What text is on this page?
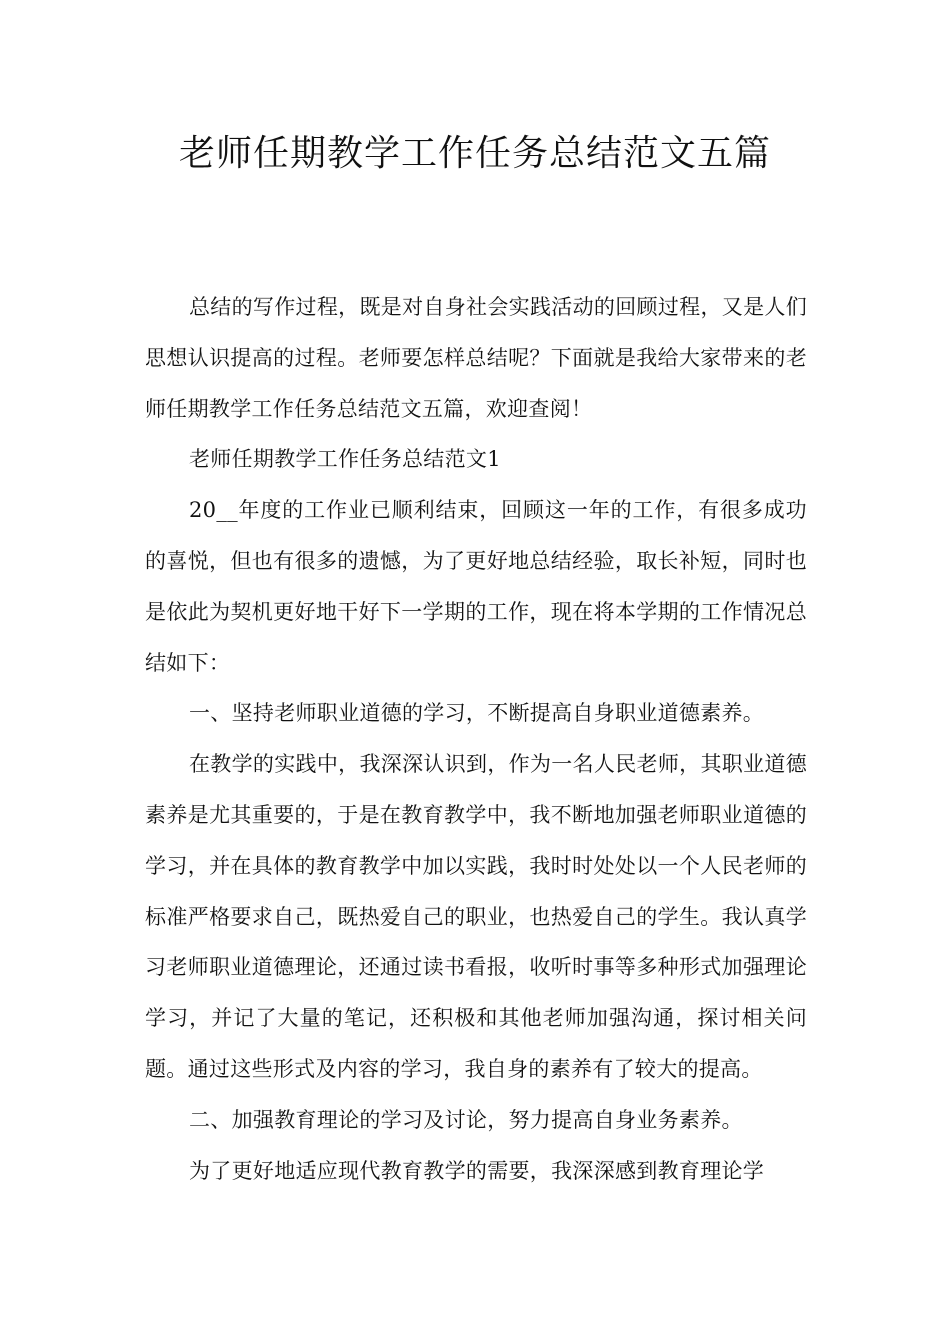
老师任期教学工作任务总结范文五篇

总结的写作过程，既是对自身社会实践活动的回顾过程，又是人们思想认识提高的过程。老师要怎样总结呢？下面就是我给大家带来的老师任期教学工作任务总结范文五篇，欢迎查阅！

老师任期教学工作任务总结范文1

20__年度的工作业已顺利结束，回顾这一年的工作，有很多成功的喜悦，但也有很多的遗憾，为了更好地总结经验，取长补短，同时也是依此为契机更好地干好下一学期的工作，现在将本学期的工作情况总结如下：

一、坚持老师职业道德的学习，不断提高自身职业道德素养。

在教学的实践中，我深深认识到，作为一名人民老师，其职业道德素养是尤其重要的，于是在教育教学中，我不断地加强老师职业道德的学习，并在具体的教育教学中加以实践，我时时处处以一个人民老师的标准严格要求自己，既热爱自己的职业，也热爱自己的学生。我认真学习老师职业道德理论，还通过读书看报，收听时事等多种形式加强理论学习，并记了大量的笔记，还积极和其他老师加强沟通，探讨相关问题。通过这些形式及内容的学习，我自身的素养有了较大的提高。

二、加强教育理论的学习及讨论，努力提高自身业务素养。

为了更好地适应现代教育教学的需要，我深深感到教育理论学
